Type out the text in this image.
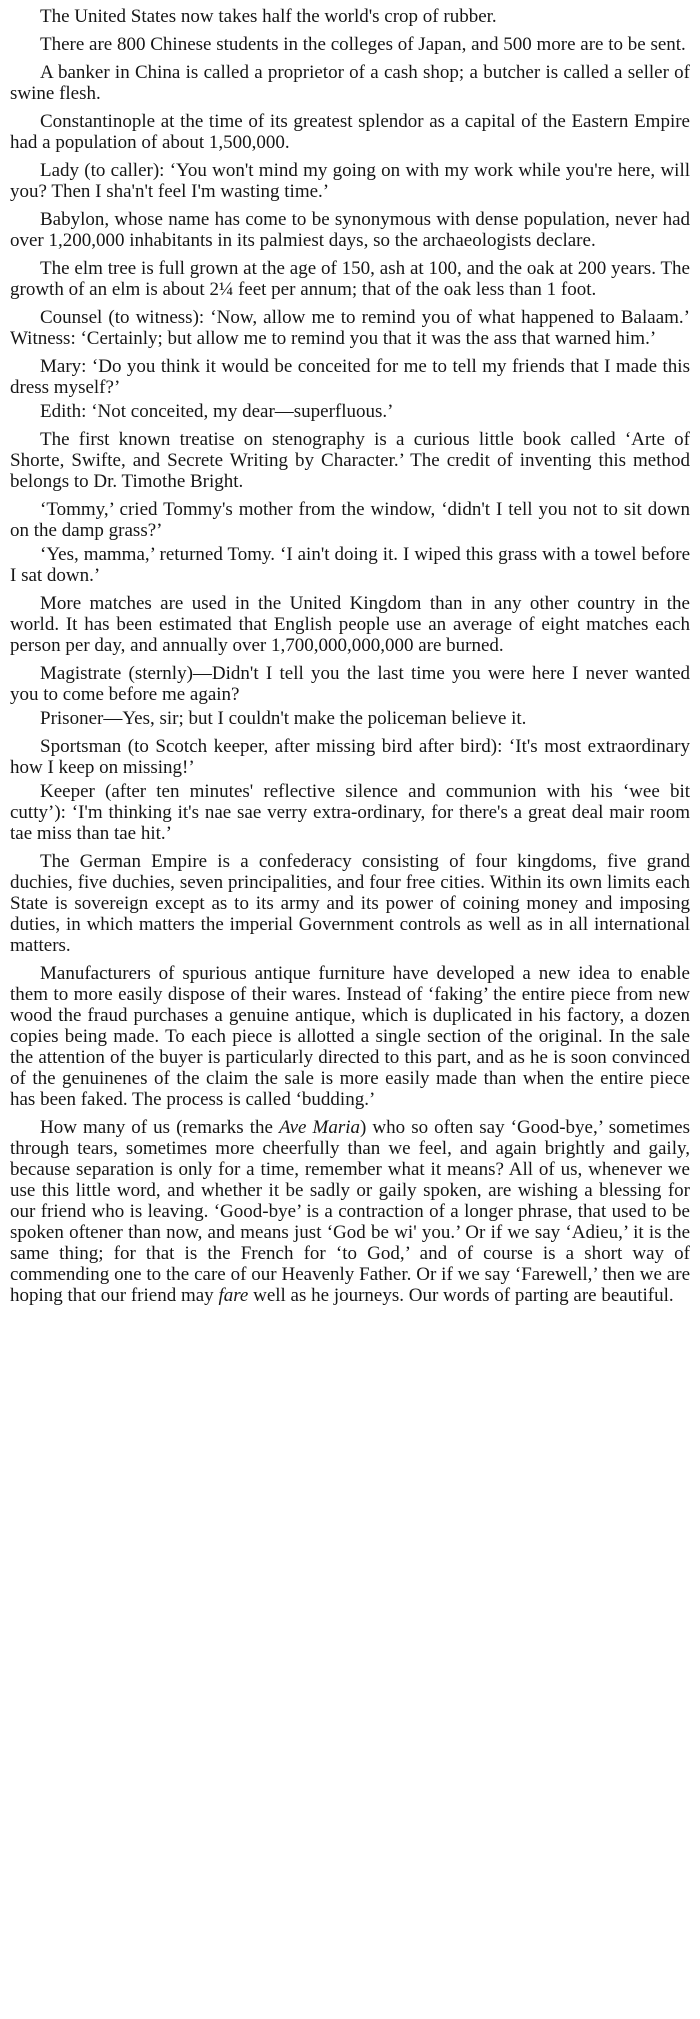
The United States now takes half the world's crop of rubber.

There are 800 Chinese students in the colleges of Japan, and 500 more are to be sent.

A banker in China is called a proprietor of a cash shop; a butcher is called a seller of swine flesh.

Constantinople at the time of its greatest splendor as a capital of the Eastern Empire had a population of about 1,500,000.

Lady (to caller): ‘You won't mind my going on with my work while you're here, will you? Then I sha'n't feel I'm wasting time.’

Babylon, whose name has come to be synonymous with dense population, never had over 1,200,000 inhabitants in its palmiest days, so the archaeologists declare.

The elm tree is full grown at the age of 150, ash at 100, and the oak at 200 years. The growth of an elm is about 2¼ feet per annum; that of the oak less than 1 foot.

Counsel (to witness): ‘Now, allow me to remind you of what happened to Balaam.’ Witness: ‘Certainly; but allow me to remind you that it was the ass that warned him.’

Mary: ‘Do you think it would be conceited for me to tell my friends that I made this dress myself?’

Edith: ‘Not conceited, my dear—superfluous.’

The first known treatise on stenography is a curious little book called ‘Arte of Shorte, Swifte, and Secrete Writing by Character.’ The credit of inventing this method belongs to Dr. Timothe Bright.

‘Tommy,’ cried Tommy's mother from the window, ‘didn't I tell you not to sit down on the damp grass?’

‘Yes, mamma,’ returned Tomy. ‘I ain't doing it. I wiped this grass with a towel before I sat down.’

More matches are used in the United Kingdom than in any other country in the world. It has been estimated that English people use an average of eight matches each person per day, and annually over 1,700,000,000,000 are burned.

Magistrate (sternly)—Didn't I tell you the last time you were here I never wanted you to come before me again?

Prisoner—Yes, sir; but I couldn't make the policeman believe it.

Sportsman (to Scotch keeper, after missing bird after bird): ‘It's most extraordinary how I keep on missing!’

Keeper (after ten minutes' reflective silence and communion with his ‘wee bit cutty’): ‘I'm thinking it's nae sae verry extra-ordinary, for there's a great deal mair room tae miss than tae hit.’

The German Empire is a confederacy consisting of four kingdoms, five grand duchies, five duchies, seven principalities, and four free cities. Within its own limits each State is sovereign except as to its army and its power of coining money and imposing duties, in which matters the imperial Government controls as well as in all international matters.

Manufacturers of spurious antique furniture have developed a new idea to enable them to more easily dispose of their wares. Instead of ‘faking’ the entire piece from new wood the fraud purchases a genuine antique, which is duplicated in his factory, a dozen copies being made. To each piece is allotted a single section of the original. In the sale the attention of the buyer is particularly directed to this part, and as he is soon convinced of the genuinenes of the claim the sale is more easily made than when the entire piece has been faked. The process is called ‘budding.’

How many of us (remarks the Ave Maria) who so often say ‘Good-bye,’ sometimes through tears, sometimes more cheerfully than we feel, and again brightly and gaily, because separation is only for a time, remember what it means? All of us, whenever we use this little word, and whether it be sadly or gaily spoken, are wishing a blessing for our friend who is leaving. ‘Good-bye’ is a contraction of a longer phrase, that used to be spoken oftener than now, and means just ‘God be wi' you.’ Or if we say ‘Adieu,’ it is the same thing; for that is the French for ‘to God,’ and of course is a short way of commending one to the care of our Heavenly Father. Or if we say ‘Farewell,’ then we are hoping that our friend may fare well as he journeys. Our words of parting are beautiful.
